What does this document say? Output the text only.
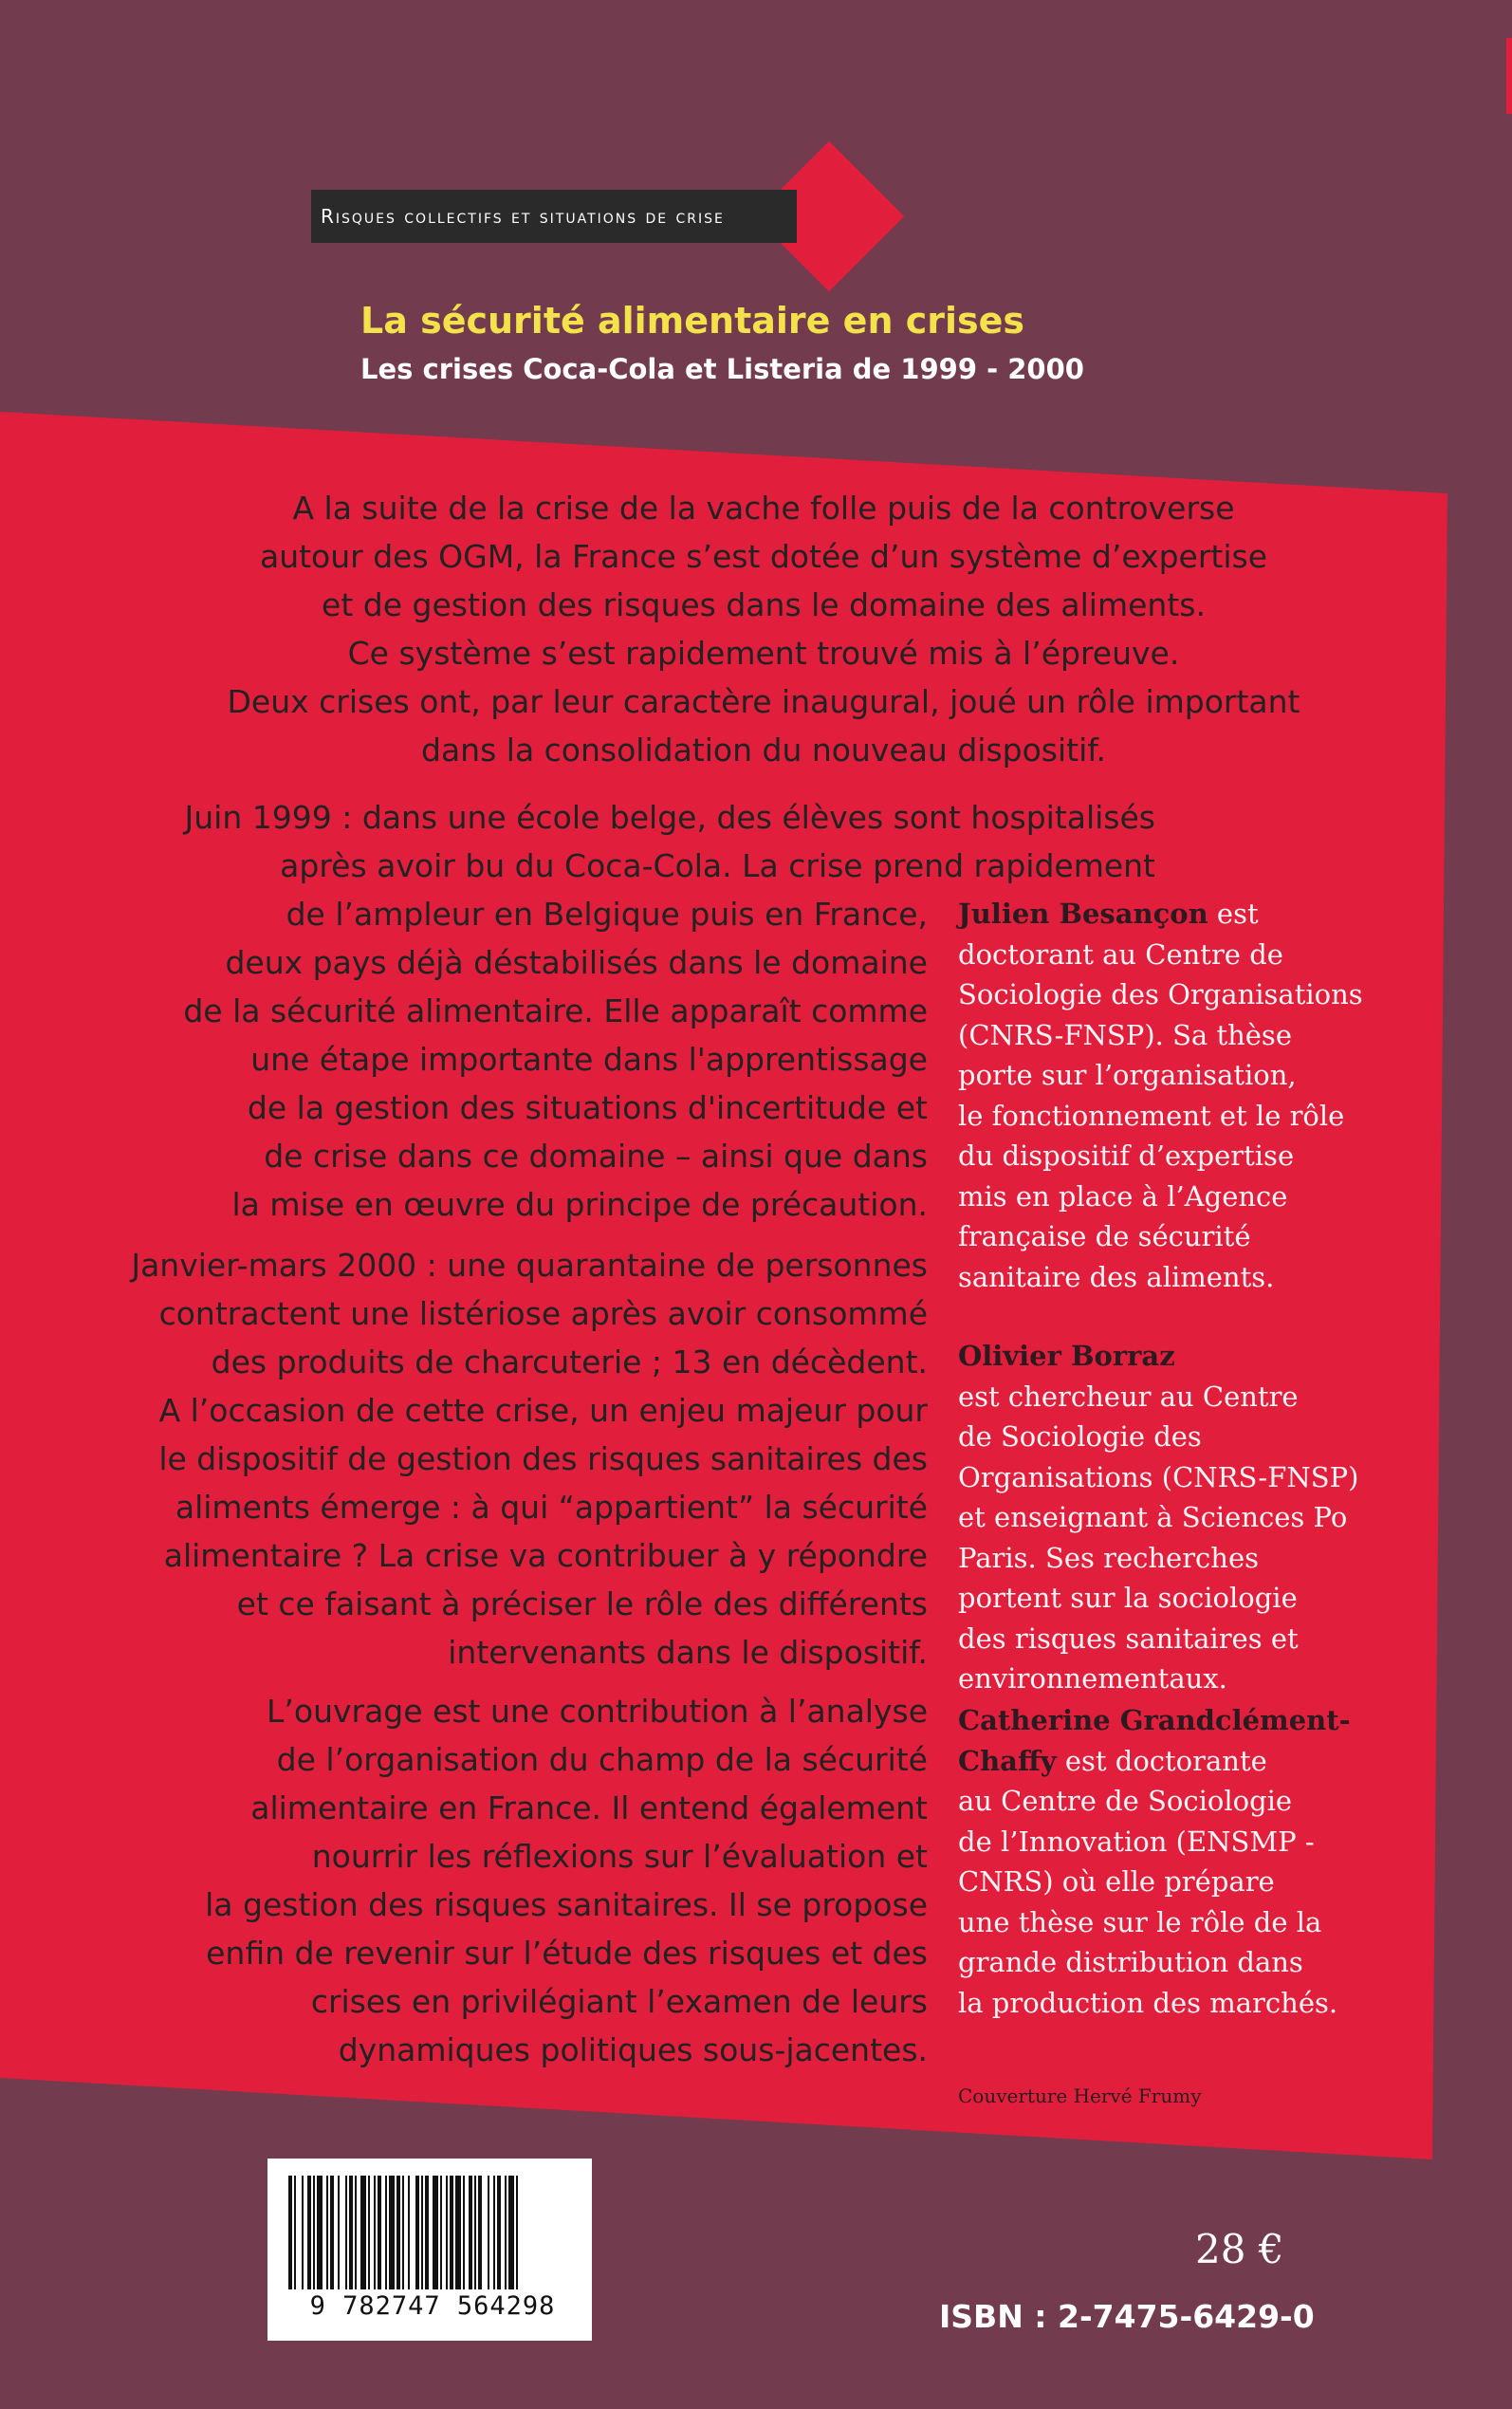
Risques collectifs et situations de crise
La sécurité alimentaire en crises
Les crises Coca-Cola et Listeria de 1999 - 2000
A la suite de la crise de la vache folle puis de la controverse
autour des OGM, la France s’est dotée d’un système d’expertise
et de gestion des risques dans le domaine des aliments.
Ce système s’est rapidement trouvé mis à l’épreuve.
Deux crises ont, par leur caractère inaugural, joué un rôle important
dans la consolidation du nouveau dispositif.
Juin 1999 : dans une école belge, des élèves sont hospitalisés
après avoir bu du Coca-Cola. La crise prend rapidement
de l’ampleur en Belgique puis en France,
deux pays déjà déstabilisés dans le domaine
de la sécurité alimentaire. Elle apparaît comme
une étape importante dans l'apprentissage
de la gestion des situations d'incertitude et
de crise dans ce domaine – ainsi que dans
la mise en œuvre du principe de précaution.
Janvier-mars 2000 : une quarantaine de personnes
contractent une listériose après avoir consommé
des produits de charcuterie ; 13 en décèdent.
A l’occasion de cette crise, un enjeu majeur pour
le dispositif de gestion des risques sanitaires des
aliments émerge : à qui “appartient” la sécurité
alimentaire ? La crise va contribuer à y répondre
et ce faisant à préciser le rôle des différents
intervenants dans le dispositif.
L’ouvrage est une contribution à l’analyse
de l’organisation du champ de la sécurité
alimentaire en France. Il entend également
nourrir les réflexions sur l’évaluation et
la gestion des risques sanitaires. Il se propose
enfin de revenir sur l’étude des risques et des
crises en privilégiant l’examen de leurs
dynamiques politiques sous-jacentes.
Julien Besançon est
doctorant au Centre de
Sociologie des Organisations
(CNRS-FNSP). Sa thèse
porte sur l’organisation,
le fonctionnement et le rôle
du dispositif d’expertise
mis en place à l’Agence
française de sécurité
sanitaire des aliments.
Olivier Borraz
est chercheur au Centre
de Sociologie des
Organisations (CNRS-FNSP)
et enseignant à Sciences Po
Paris. Ses recherches
portent sur la sociologie
des risques sanitaires et
environnementaux.
Catherine Grandclément-
Chaffy est doctorante
au Centre de Sociologie
de l’Innovation (ENSMP -
CNRS) où elle prépare
une thèse sur le rôle de la
grande distribution dans
la production des marchés.
Couverture Hervé Frumy
9 782747 564298
28 €
ISBN : 2-7475-6429-0
